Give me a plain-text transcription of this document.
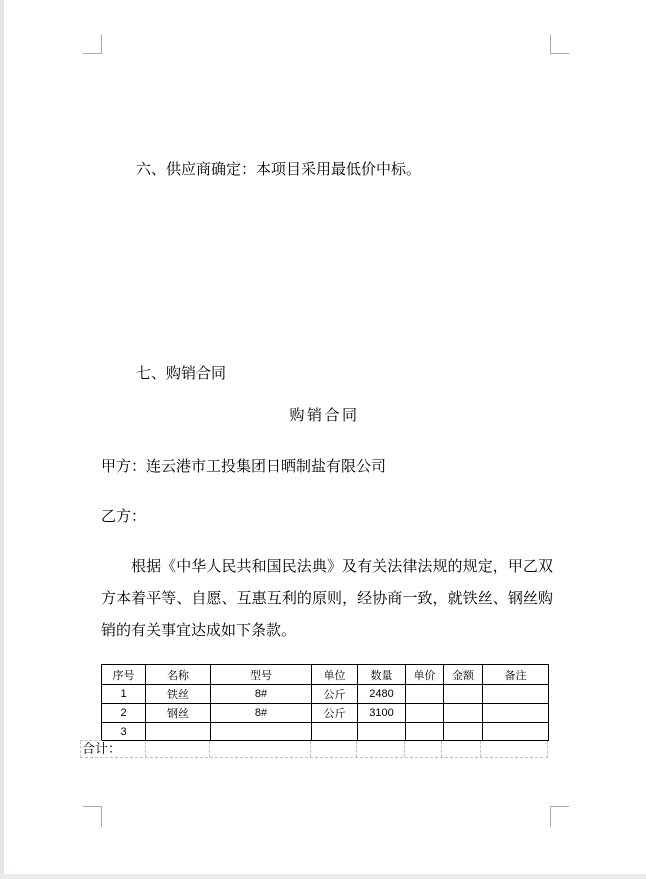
六、供应商确定：本项目采用最低价中标。
七、购销合同
购销合同
甲方：连云港市工投集团日晒制盐有限公司
乙方：
根据《中华人民共和国民法典》及有关法律法规的规定，甲乙双方本着平等、自愿、互惠互利的原则，经协商一致，就铁丝、钢丝购销的有关事宜达成如下条款。
序号	名称	型号	单位	数量	单价	金额	备注
1	铁丝	8#	公斤	2480			
2	钢丝	8#	公斤	3100			
3							
合计：
